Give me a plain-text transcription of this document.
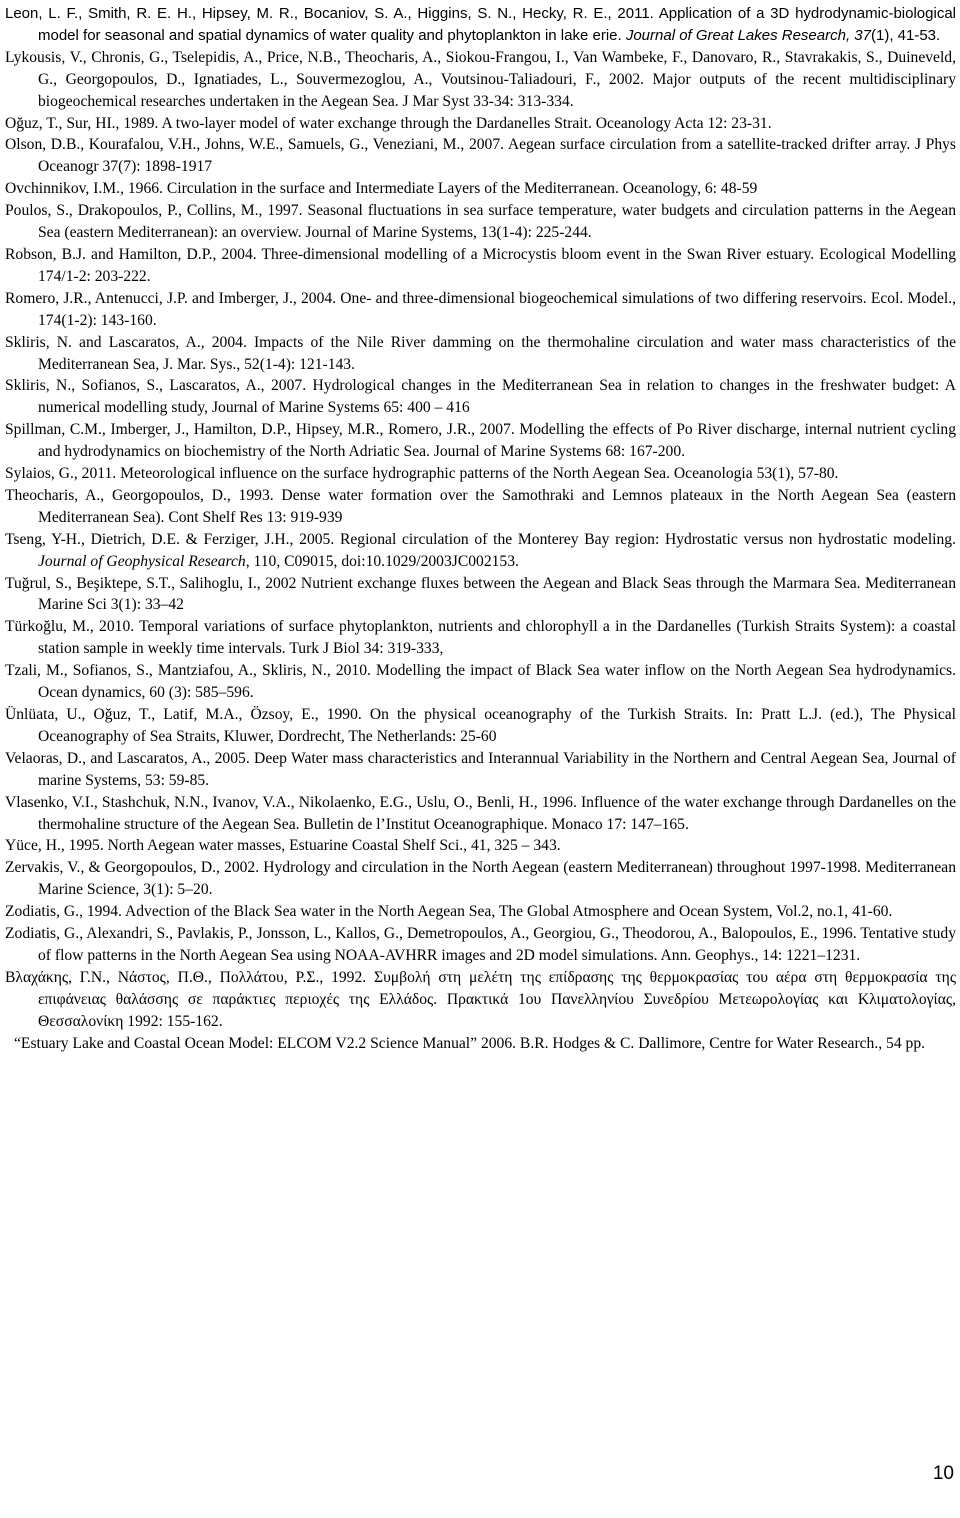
Leon, L. F., Smith, R. E. H., Hipsey, M. R., Bocaniov, S. A., Higgins, S. N., Hecky, R. E., 2011. Application of a 3D hydrodynamic-biological model for seasonal and spatial dynamics of water quality and phytoplankton in lake erie. Journal of Great Lakes Research, 37(1), 41-53.
Lykousis, V., Chronis, G., Tselepidis, A., Price, N.B., Theocharis, A., Siokou-Frangou, I., Van Wambeke, F., Danovaro, R., Stavrakakis, S., Duineveld, G., Georgopoulos, D., Ignatiades, L., Souvermezoglou, A., Voutsinou-Taliadouri, F., 2002. Major outputs of the recent multidisciplinary biogeochemical researches undertaken in the Aegean Sea. J Mar Syst 33-34: 313-334.
Oğuz, T., Sur, HI., 1989. A two-layer model of water exchange through the Dardanelles Strait. Oceanology Acta 12: 23-31.
Olson, D.B., Kourafalou, V.H., Johns, W.E., Samuels, G., Veneziani, M., 2007. Aegean surface circulation from a satellite-tracked drifter array. J Phys Oceanogr 37(7): 1898-1917
Ovchinnikov, I.M., 1966. Circulation in the surface and Intermediate Layers of the Mediterranean. Oceanology, 6: 48-59
Poulos, S., Drakopoulos, P., Collins, M., 1997. Seasonal fluctuations in sea surface temperature, water budgets and circulation patterns in the Aegean Sea (eastern Mediterranean): an overview. Journal of Marine Systems, 13(1-4): 225-244.
Robson, B.J. and Hamilton, D.P., 2004. Three-dimensional modelling of a Microcystis bloom event in the Swan River estuary. Ecological Modelling 174/1-2: 203-222.
Romero, J.R., Antenucci, J.P. and Imberger, J., 2004. One- and three-dimensional biogeochemical simulations of two differing reservoirs. Ecol. Model., 174(1-2): 143-160.
Skliris, N. and Lascaratos, A., 2004. Impacts of the Nile River damming on the thermohaline circulation and water mass characteristics of the Mediterranean Sea, J. Mar. Sys., 52(1-4): 121-143.
Skliris, N., Sofianos, S., Lascaratos, A., 2007. Hydrological changes in the Mediterranean Sea in relation to changes in the freshwater budget: A numerical modelling study, Journal of Marine Systems 65: 400 – 416
Spillman, C.M., Imberger, J., Hamilton, D.P., Hipsey, M.R., Romero, J.R., 2007. Modelling the effects of Po River discharge, internal nutrient cycling and hydrodynamics on biochemistry of the North Adriatic Sea. Journal of Marine Systems 68: 167-200.
Sylaios, G., 2011. Meteorological influence on the surface hydrographic patterns of the North Aegean Sea. Oceanologia 53(1), 57-80.
Theocharis, A., Georgopoulos, D., 1993. Dense water formation over the Samothraki and Lemnos plateaux in the North Aegean Sea (eastern Mediterranean Sea). Cont Shelf Res 13: 919-939
Tseng, Y-H., Dietrich, D.E. & Ferziger, J.H., 2005. Regional circulation of the Monterey Bay region: Hydrostatic versus non hydrostatic modeling. Journal of Geophysical Research, 110, C09015, doi:10.1029/2003JC002153.
Tuğrul, S., Beşiktepe, S.T., Salihoglu, I., 2002 Nutrient exchange fluxes between the Aegean and Black Seas through the Marmara Sea. Mediterranean Marine Sci 3(1): 33–42
Türkoğlu, M., 2010. Temporal variations of surface phytoplankton, nutrients and chlorophyll a in the Dardanelles (Turkish Straits System): a coastal station sample in weekly time intervals. Turk J Biol 34: 319-333,
Tzali, M., Sofianos, S., Mantziafou, A., Skliris, N., 2010. Modelling the impact of Black Sea water inflow on the North Aegean Sea hydrodynamics. Ocean dynamics, 60 (3): 585–596.
Ünlüata, U., Oğuz, T., Latif, M.A., Özsoy, E., 1990. On the physical oceanography of the Turkish Straits. In: Pratt L.J. (ed.), The Physical Oceanography of Sea Straits, Kluwer, Dordrecht, The Netherlands: 25-60
Velaoras, D., and Lascaratos, A., 2005. Deep Water mass characteristics and Interannual Variability in the Northern and Central Aegean Sea, Journal of marine Systems, 53: 59-85.
Vlasenko, V.I., Stashchuk, N.N., Ivanov, V.A., Nikolaenko, E.G., Uslu, O., Benli, H., 1996. Influence of the water exchange through Dardanelles on the thermohaline structure of the Aegean Sea. Bulletin de l’Institut Oceanographique. Monaco 17: 147–165.
Yüce, H., 1995. North Aegean water masses, Estuarine Coastal Shelf Sci., 41, 325 – 343.
Zervakis, V., & Georgopoulos, D., 2002. Hydrology and circulation in the North Aegean (eastern Mediterranean) throughout 1997-1998. Mediterranean Marine Science, 3(1): 5–20.
Zodiatis, G., 1994. Advection of the Black Sea water in the North Aegean Sea, The Global Atmosphere and Ocean System, Vol.2, no.1, 41-60.
Zodiatis, G., Alexandri, S., Pavlakis, P., Jonsson, L., Kallos, G., Demetropoulos, A., Georgiou, G., Theodorou, A., Balopoulos, E., 1996. Tentative study of flow patterns in the North Aegean Sea using NOAA-AVHRR images and 2D model simulations. Ann. Geophys., 14: 1221–1231.
Βλαχάκης, Γ.Ν., Νάστος, Π.Θ., Πολλάτου, Ρ.Σ., 1992. Συμβολή στη μελέτη της επίδρασης της θερμοκρασίας του αέρα στη θερμοκρασία της επιφάνειας θαλάσσης σε παράκτιες περιοχές της Ελλάδος. Πρακτικά 1ου Πανελληνίου Συνεδρίου Μετεωρολογίας και Κλιματολογίας, Θεσσαλονίκη 1992: 155-162.
“Estuary Lake and Coastal Ocean Model: ELCOM V2.2 Science Manual” 2006. B.R. Hodges & C. Dallimore, Centre for Water Research., 54 pp.
10
